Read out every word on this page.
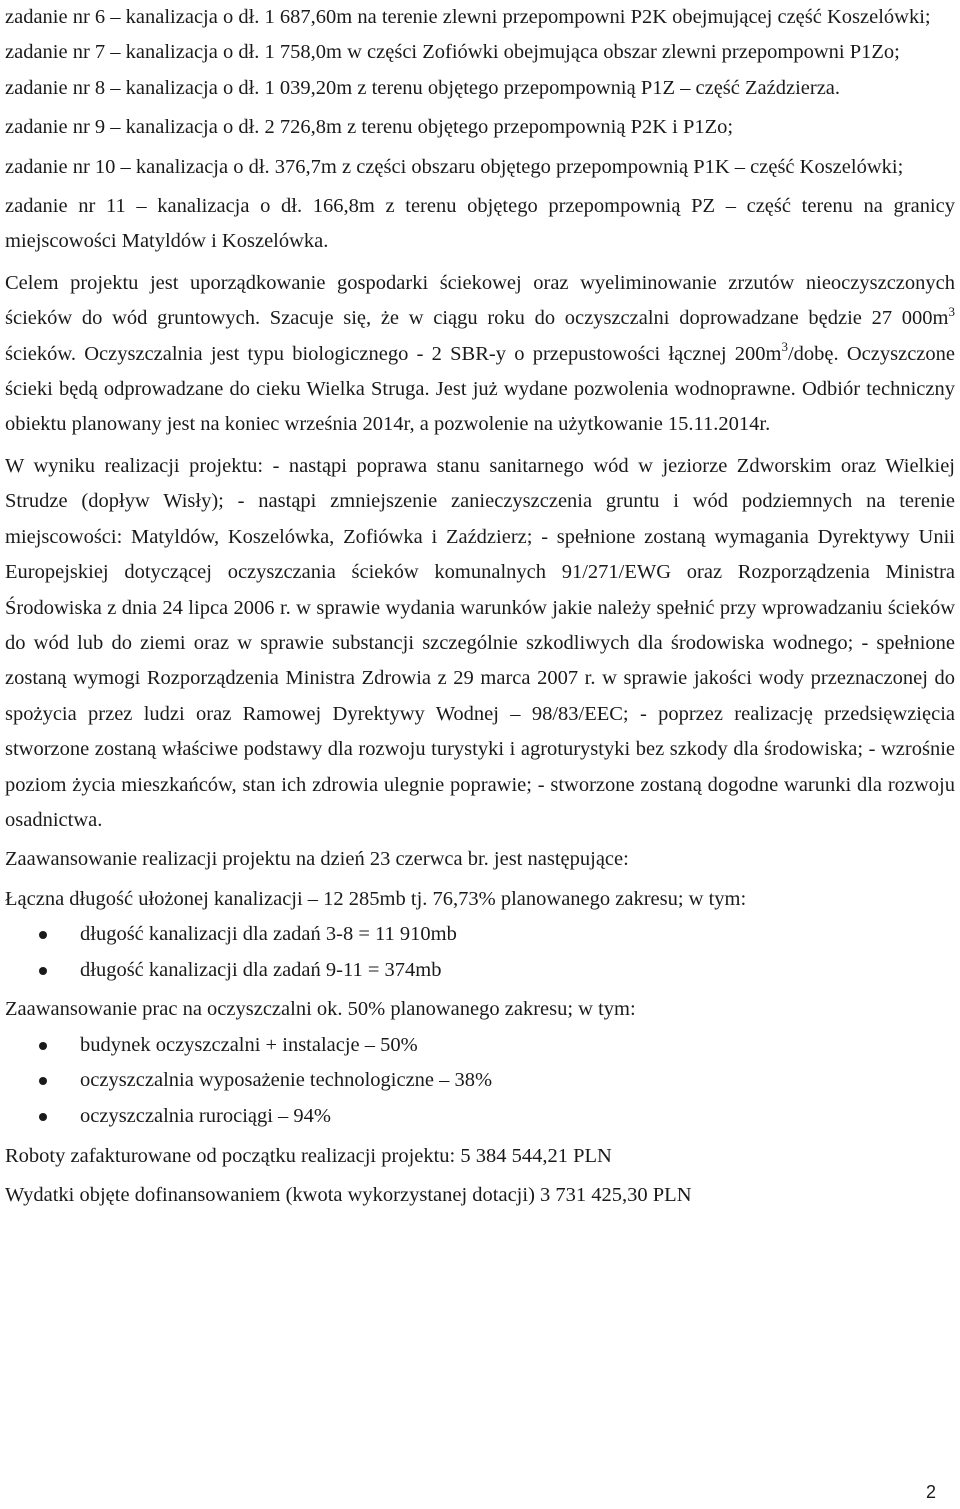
zadanie nr 6 – kanalizacja o dł. 1 687,60m na terenie zlewni przepompowni P2K obejmującej część Koszelówki;

zadanie nr 7 – kanalizacja o dł. 1 758,0m w części Zofiówki obejmująca obszar zlewni przepompowni P1Zo;

zadanie nr 8 – kanalizacja o dł. 1 039,20m z terenu objętego przepompownią P1Z – część Zaździerza.

zadanie nr 9 – kanalizacja o dł. 2 726,8m z terenu objętego przepompownią P2K i P1Zo;

zadanie nr 10 – kanalizacja o dł. 376,7m z części obszaru objętego przepompownią P1K – część Koszelówki;

zadanie nr 11 – kanalizacja o dł. 166,8m z terenu objętego przepompownią PZ – część terenu na granicy miejscowości Matyldów i Koszelówka.

Celem projektu jest uporządkowanie gospodarki ściekowej oraz wyeliminowanie zrzutów nieoczyszczonych ścieków do wód gruntowych. Szacuje się, że w ciągu roku do oczyszczalni doprowadzane będzie 27 $000m^3$ ścieków. Oczyszczalnia jest typu biologicznego - 2 SBR-y o przepustowości łącznej $200m^3$/dobę. Oczyszczone ścieki będą odprowadzane do cieku Wielka Struga. Jest już wydane pozwolenia wodnoprawne. Odbiór techniczny obiektu planowany jest na koniec września 2014r, a pozwolenie na użytkowanie 15.11.2014r.

W wyniku realizacji projektu: - nastąpi poprawa stanu sanitarnego wód w jeziorze Zdworskim oraz Wielkiej Strudze (dopływ Wisły); - nastąpi zmniejszenie zanieczyszczenia gruntu i wód podziemnych na terenie miejscowości: Matyldów, Koszelówka, Zofiówka i Zaździerz; - spełnione zostaną wymagania Dyrektywy Unii Europejskiej dotyczącej oczyszczania ścieków komunalnych 91/271/EWG oraz Rozporządzenia Ministra Środowiska z dnia 24 lipca 2006 r. w sprawie wydania warunków jakie należy spełnić przy wprowadzaniu ścieków do wód lub do ziemi oraz w sprawie substancji szczególnie szkodliwych dla środowiska wodnego; - spełnione zostaną wymogi Rozporządzenia Ministra Zdrowia z 29 marca 2007 r. w sprawie jakości wody przeznaczonej do spożycia przez ludzi oraz Ramowej Dyrektywy Wodnej – 98/83/EEC; - poprzez realizację przedsięwzięcia stworzone zostaną właściwe podstawy dla rozwoju turystyki i agroturystyki bez szkody dla środowiska; - wzrośnie poziom życia mieszkańców, stan ich zdrowia ulegnie poprawie; - stworzone zostaną dogodne warunki dla rozwoju osadnictwa.

Zaawansowanie realizacji projektu na dzień 23 czerwca br. jest następujące:

Łączna długość ułożonej kanalizacji – 12 285mb tj. 76,73% planowanego zakresu; w tym:

długość kanalizacji dla zadań 3-8 = 11 910mb
długość kanalizacji dla zadań 9-11 = 374mb

Zaawansowanie prac na oczyszczalni ok. 50% planowanego zakresu; w tym:

budynek oczyszczalni + instalacje – 50%
oczyszczalnia wyposażenie technologiczne – 38%
oczyszczalnia rurociągi – 94%

Roboty zafakturowane od początku realizacji projektu: 5 384 544,21 PLN

Wydatki objęte dofinansowaniem (kwota wykorzystanej dotacji) 3 731 425,30 PLN

2
